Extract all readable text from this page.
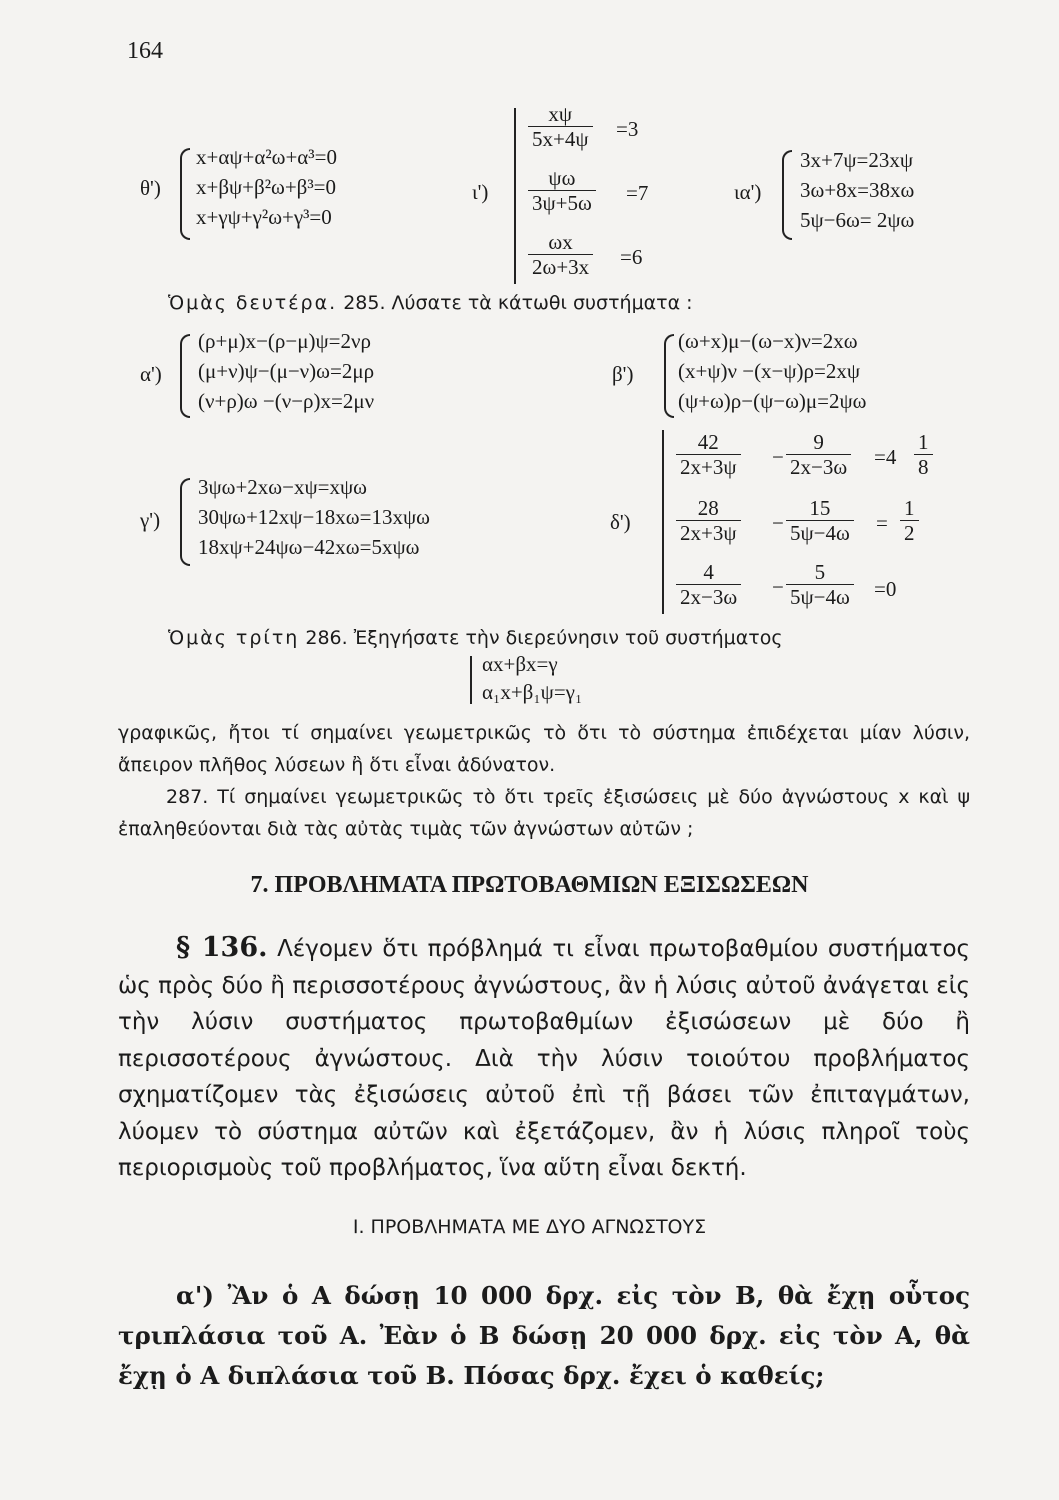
164
θ')
x+αψ+α²ω+α³=0
x+βψ+β²ω+β³=0
x+γψ+γ²ω+γ³=0
ι')
$\frac{x\psi}{5x+4\psi} =3$
$\frac{\psi\omega}{3\psi+5\omega} =7$
$\frac{\omega x}{2\omega+3x} =6$
ια')
3x+7ψ=23xψ
3ω+8x=38xω
5ψ−6ω= 2ψω
Ὁμὰς δευτέρα. 285. Λύσατε τὰ κάτωθι συστήματα :
α')
(ρ+μ)x−(ρ−μ)ψ=2νρ
(μ+ν)ψ−(μ−ν)ω=2μρ
(ν+ρ)ω −(ν−ρ)x=2μν
β')
(ω+x)μ−(ω−x)ν=2xω
(x+ψ)ν −(x−ψ)ρ=2xψ
(ψ+ω)ρ−(ψ−ω)μ=2ψω
γ')
3ψω+2xω−xψ=xψω
30ψω+12xψ−18xω=13xψω
18xψ+24ψω−42xω=5xψω
δ')
$\frac{42}{2x+3\psi} - \frac{9}{2x-3\omega} =4 \frac{1}{8}$
$\frac{28}{2x+3\psi} - \frac{15}{5\psi-4\omega} = \frac{1}{2}$
$\frac{4}{2x-3\omega} - \frac{5}{5\psi-4\omega} =0$
Ὁμὰς τρίτη 286. Ἐξηγήσατε τὴν διερεύνησιν τοῦ συστήματος
αx+βx=γ
α₁x+β₁ψ=γ₁
γραφικῶς, ἤτοι τί σημαίνει γεωμετρικῶς τὸ ὅτι τὸ σύστημα ἐπιδέχεται μίαν λύσιν, ἄπειρον πλῆθος λύσεων ἢ ὅτι εἶναι ἀδύνατον.
287. Τί σημαίνει γεωμετρικῶς τὸ ὅτι τρεῖς ἐξισώσεις μὲ δύο ἀγνώστους x καὶ ψ ἐπαληθεύονται διὰ τὰς αὐτὰς τιμὰς τῶν ἀγνώστων αὐτῶν ;
7. ΠΡΟΒΛΗΜΑΤΑ ΠΡΩΤΟΒΑΘΜΙΩΝ ΕΞΙΣΩΣΕΩΝ
§ 136. Λέγομεν ὅτι πρόβλημά τι εἶναι πρωτοβαθμίου συστήματος ὡς πρὸς δύο ἢ περισσοτέρους ἀγνώστους, ἂν ἡ λύσις αὐτοῦ ἀνάγεται εἰς τὴν λύσιν συστήματος πρωτοβαθμίων ἐξισώσεων μὲ δύο ἢ περισσοτέρους ἀγνώστους. Διὰ τὴν λύσιν τοιούτου προβλήματος σχηματίζομεν τὰς ἐξισώσεις αὐτοῦ ἐπὶ τῇ βάσει τῶν ἐπιταγμάτων, λύομεν τὸ σύστημα αὐτῶν καὶ ἐξετάζομεν, ἂν ἡ λύσις πληροῖ τοὺς περιορισμοὺς τοῦ προβλήματος, ἵνα αὕτη εἶναι δεκτή.
Ι. ΠΡΟΒΛΗΜΑΤΑ ΜΕ ΔΥΟ ΑΓΝΩΣΤΟΥΣ
α') Ἂν ὁ Α δώσῃ 10 000 δρχ. εἰς τὸν Β, θὰ ἔχῃ οὗτος τριπλάσια τοῦ Α. Ἐὰν ὁ Β δώσῃ 20 000 δρχ. εἰς τὸν Α, θὰ ἔχῃ ὁ Α διπλάσια τοῦ Β. Πόσας δρχ. ἔχει ὁ καθείς;
